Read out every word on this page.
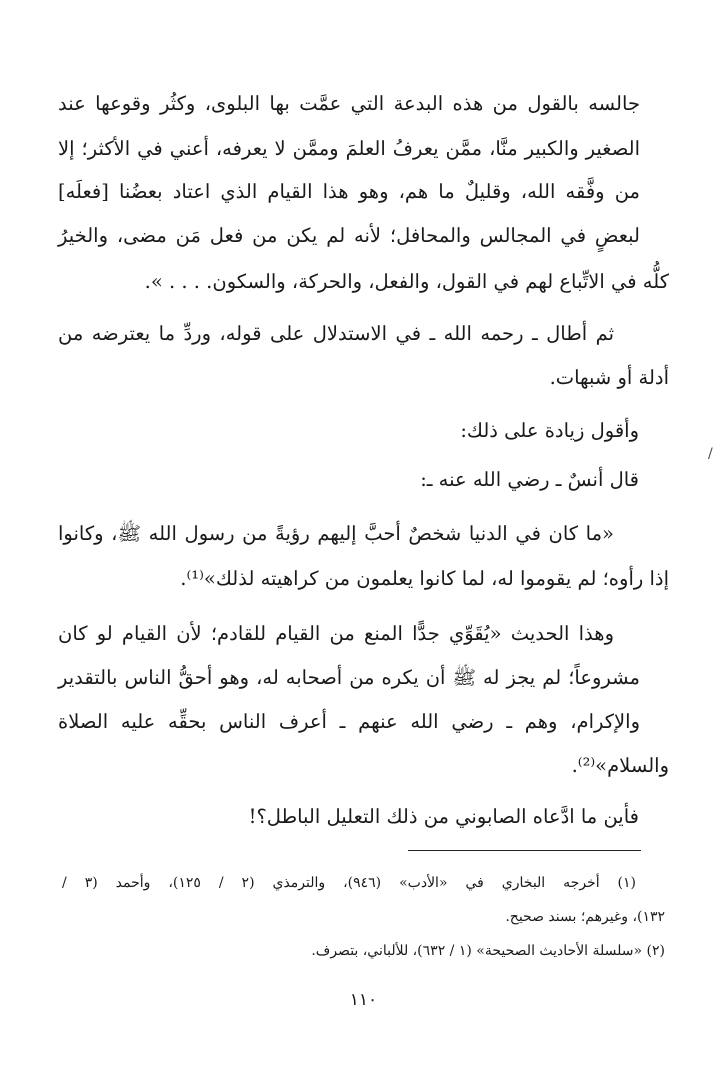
جالسه بالقول من هذه البدعة التي عمَّت بها البلوى، وكثُر وقوعها عند
الصغير والكبير منَّا، ممَّن يعرفُ العلمَ وممَّن لا يعرفه، أعني في الأكثر؛ إلا
من وفَّقه الله، وقليلٌ ما هم، وهو هذا القيام الذي اعتاد بعضُنا [فعلَه]
لبعضٍ في المجالس والمحافل؛ لأنه لم يكن من فعل مَن مضى، والخيرُ
كلُّه في الاتِّباع لهم في القول، والفعل، والحركة، والسكون. . . . ».
ثم أطال ـ رحمه الله ـ في الاستدلال على قوله، وردِّ ما يعترضه من
أدلة أو شبهات.
وأقول زيادة على ذلك:
قال أنسٌ ـ رضي الله عنه ـ:
«ما كان في الدنيا شخصٌ أحبَّ إليهم رؤيةً من رسول الله ﷺ، وكانوا
إذا رأوه؛ لم يقوموا له، لما كانوا يعلمون من كراهيته لذلك»⁽¹⁾.
وهذا الحديث «يُقَوِّي جدًّا المنع من القيام للقادم؛ لأن القيام لو كان
مشروعاً؛ لم يجز له ﷺ أن يكره من أصحابه له، وهو أحقُّ الناس بالتقدير
والإكرام، وهم ـ رضي الله عنهم ـ أعرف الناس بحقِّه عليه الصلاة
والسلام»⁽²⁾.
فأين ما ادَّعاه الصابوني من ذلك التعليل الباطل؟!
(١) أخرجه البخاري في «الأدب» (٩٤٦)، والترمذي (٢ / ١٢٥)، وأحمد (٣ /
١٣٢)، وغيرهم؛ بسند صحيح.
(٢) «سلسلة الأحاديث الصحيحة» (١ / ٦٣٢)، للألباني، بتصرف.
١١٠
/
